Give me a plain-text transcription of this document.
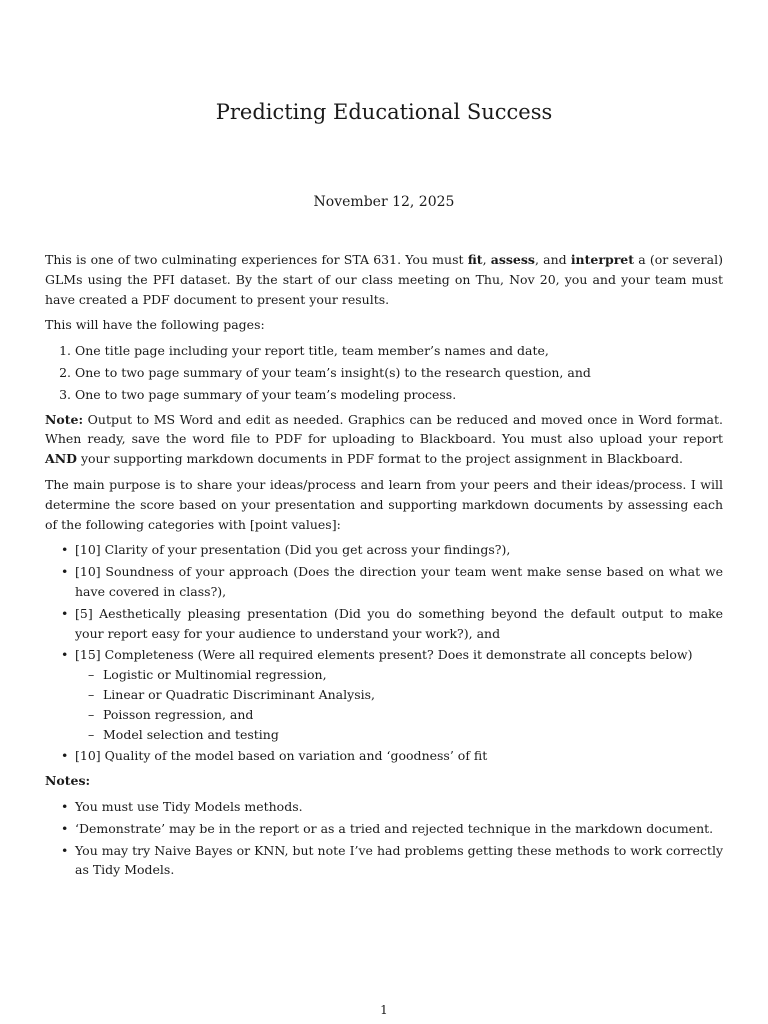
Predicting Educational Success
November 12, 2025

This is one of two culminating experiences for STA 631. You must fit, assess, and interpret a (or several) GLMs using the PFI dataset. By the start of our class meeting on Thu, Nov 20, you and your team must have created a PDF document to present your results.

This will have the following pages:

1. One title page including your report title, team member’s names and date,
2. One to two page summary of your team’s insight(s) to the research question, and
3. One to two page summary of your team’s modeling process.

Note: Output to MS Word and edit as needed. Graphics can be reduced and moved once in Word format. When ready, save the word file to PDF for uploading to Blackboard. You must also upload your report AND your supporting markdown documents in PDF format to the project assignment in Blackboard.

The main purpose is to share your ideas/process and learn from your peers and their ideas/process. I will determine the score based on your presentation and supporting markdown documents by assessing each of the following categories with [point values]:

• [10] Clarity of your presentation (Did you get across your findings?),
• [10] Soundness of your approach (Does the direction your team went make sense based on what we have covered in class?),
• [5] Aesthetically pleasing presentation (Did you do something beyond the default output to make your report easy for your audience to understand your work?), and
• [15] Completeness (Were all required elements present? Does it demonstrate all concepts below)
– Logistic or Multinomial regression,
– Linear or Quadratic Discriminant Analysis,
– Poisson regression, and
– Model selection and testing
• [10] Quality of the model based on variation and ‘goodness’ of fit
Notes:
• You must use Tidy Models methods.
• ‘Demonstrate’ may be in the report or as a tried and rejected technique in the markdown document.
• You may try Naive Bayes or KNN, but note I’ve had problems getting these methods to work correctly as Tidy Models.
1
